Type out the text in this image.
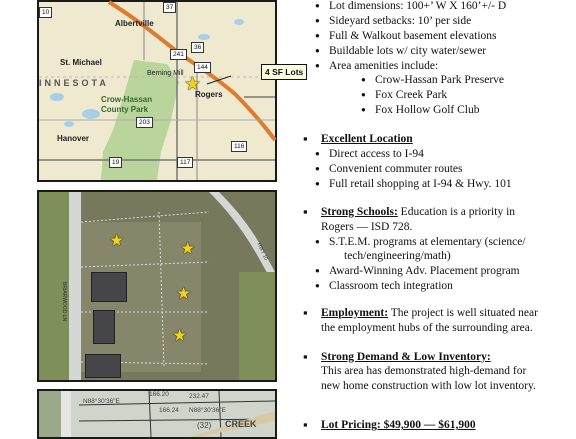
Albertville
St. Michael
Berning Mill
Rogers
Hanover
Crow-Hassan
County Park
INNESOTA
37
241
36
144
203
116
19	117
10
★
4 SF Lots
★	★
★
★
BRIARWOOD LN
HWY 10
166.20
N88°30'36"E
232.47
166.24 N88°30'36"E
(32) CREEK
● Lot dimensions: 100+’ W X 160’+/- D
● Sideyard setbacks: 10’ per side
● Full & Walkout basement elevations
● Buildable lots w/ city water/sewer
● Area amenities include:
● Crow-Hassan Park Preserve
● Fox Creek Park
● Fox Hollow Golf Club
▪ Excellent Location
● Direct access to I-94
● Convenient commuter routes
● Full retail shopping at I-94 & Hwy. 101
▪ Strong Schools: Education is a priority in
Rogers — ISD 728.
● S.T.E.M. programs at elementary (science/
tech/engineering/math)
● Award-Winning Adv. Placement program
● Classroom tech integration
▪ Employment: The project is well situated near
the employment hubs of the surrounding area.
▪ Strong Demand & Low Inventory:
This area has demonstrated high-demand for
new home construction with low lot inventory.
▪ Lot Pricing: $49,900 — $61,900
